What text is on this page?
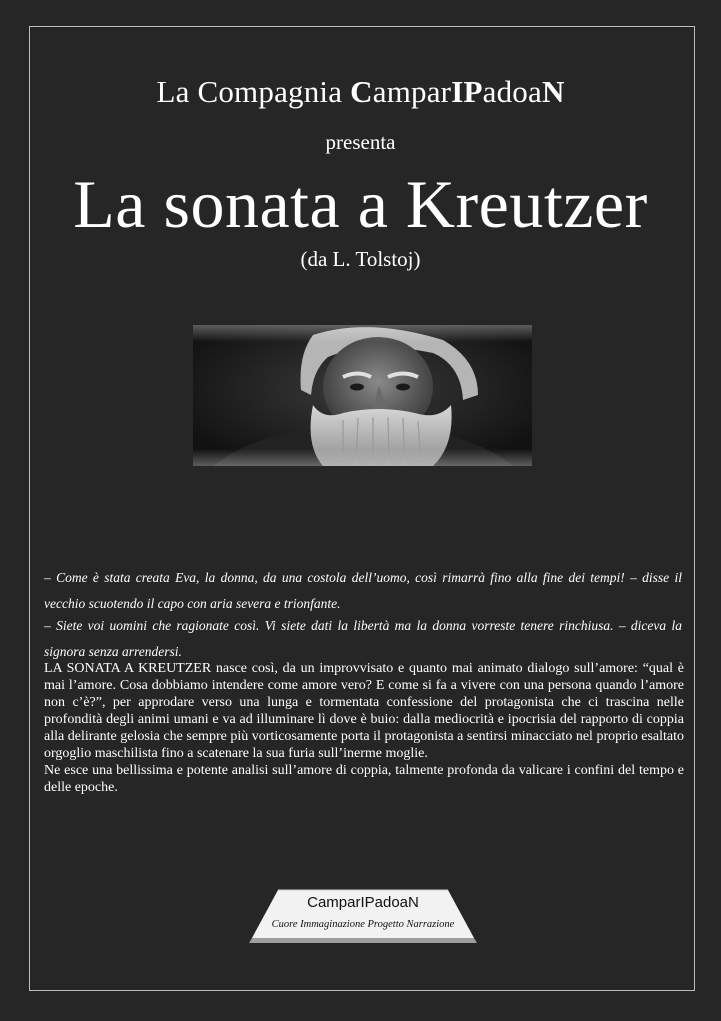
La Compagnia CamparIPadoaN
presenta
La sonata a Kreutzer
(da L. Tolstoj)
– Come è stata creata Eva, la donna, da una costola dell’uomo, così rimarrà fino alla fine dei tempi! – disse il vecchio scuotendo il capo con aria severa e trionfante.
– Siete voi uomini che ragionate così. Vi siete dati la libertà ma la donna vorreste tenere rinchiusa. – diceva la signora senza arrendersi.

LA SONATA A KREUTZER nasce così, da un improvvisato e quanto mai animato dialogo sull’amore: “qual è mai l’amore. Cosa dobbiamo intendere come amore vero? E come si fa a vivere con una persona quando l’amore non c’è?”, per approdare verso una lunga e tormentata confessione del protagonista che ci trascina nelle profondità degli animi umani e va ad illuminare lì dove è buio: dalla mediocrità e ipocrisia del rapporto di coppia alla delirante gelosia che sempre più vorticosamente porta il protagonista a sentirsi minacciato nel proprio esaltato orgoglio maschilista fino a scatenare la sua furia sull’inerme moglie.

Ne esce una bellissima e potente analisi sull’amore di coppia, talmente profonda da valicare i confini del tempo e delle epoche.

CamparIPadoaN
Cuore Immaginazione Progetto Narrazione
